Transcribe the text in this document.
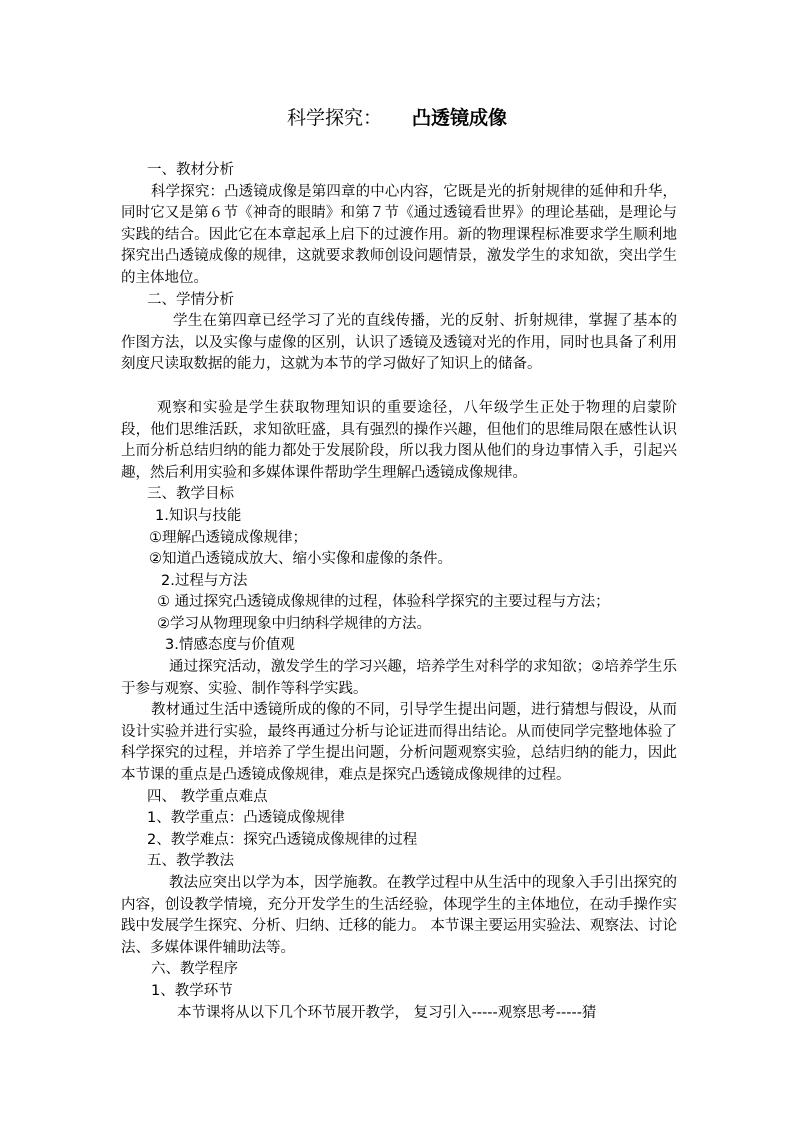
科学探究： 凸透镜成像

一、教材分析

科学探究：凸透镜成像是第四章的中心内容，它既是光的折射规律的延伸和升华，同时它又是第６节《神奇的眼睛》和第７节《通过透镜看世界》的理论基础，是理论与实践的结合。因此它在本章起承上启下的过渡作用。新的物理课程标准要求学生顺利地探究出凸透镜成像的规律，这就要求教师创设问题情景，激发学生的求知欲，突出学生的主体地位。

二、学情分析

学生在第四章已经学习了光的直线传播，光的反射、折射规律，掌握了基本的作图方法，以及实像与虚像的区别，认识了透镜及透镜对光的作用，同时也具备了利用刻度尺读取数据的能力，这就为本节的学习做好了知识上的储备。

观察和实验是学生获取物理知识的重要途径，八年级学生正处于物理的启蒙阶段，他们思维活跃，求知欲旺盛，具有强烈的操作兴趣，但他们的思维局限在感性认识上而分析总结归纳的能力都处于发展阶段，所以我力图从他们的身边事情入手，引起兴趣，然后利用实验和多媒体课件帮助学生理解凸透镜成像规律。

三、教学目标

1.知识与技能

①理解凸透镜成像规律；

②知道凸透镜成放大、缩小实像和虚像的条件。

2.过程与方法

① 通过探究凸透镜成像规律的过程，体验科学探究的主要过程与方法；

②学习从物理现象中归纳科学规律的方法。

3.情感态度与价值观

通过探究活动，激发学生的学习兴趣，培养学生对科学的求知欲；②培养学生乐于参与观察、实验、制作等科学实践。

教材通过生活中透镜所成的像的不同，引导学生提出问题，进行猜想与假设，从而设计实验并进行实验，最终再通过分析与论证进而得出结论。从而使同学完整地体验了科学探究的过程，并培养了学生提出问题，分析问题观察实验，总结归纳的能力，因此本节课的重点是凸透镜成像规律，难点是探究凸透镜成像规律的过程。

四、 教学重点难点

1、教学重点：凸透镜成像规律

2、教学难点：探究凸透镜成像规律的过程

五、教学教法

教法应突出以学为本，因学施教。在教学过程中从生活中的现象入手引出探究的内容，创设教学情境，充分开发学生的生活经验，体现学生的主体地位，在动手操作实践中发展学生探究、分析、归纳、迁移的能力。 本节课主要运用实验法、观察法、讨论法、多媒体课件辅助法等。

六、教学程序

1、教学环节

本节课将从以下几个环节展开教学， 复习引入-----观察思考-----猜
